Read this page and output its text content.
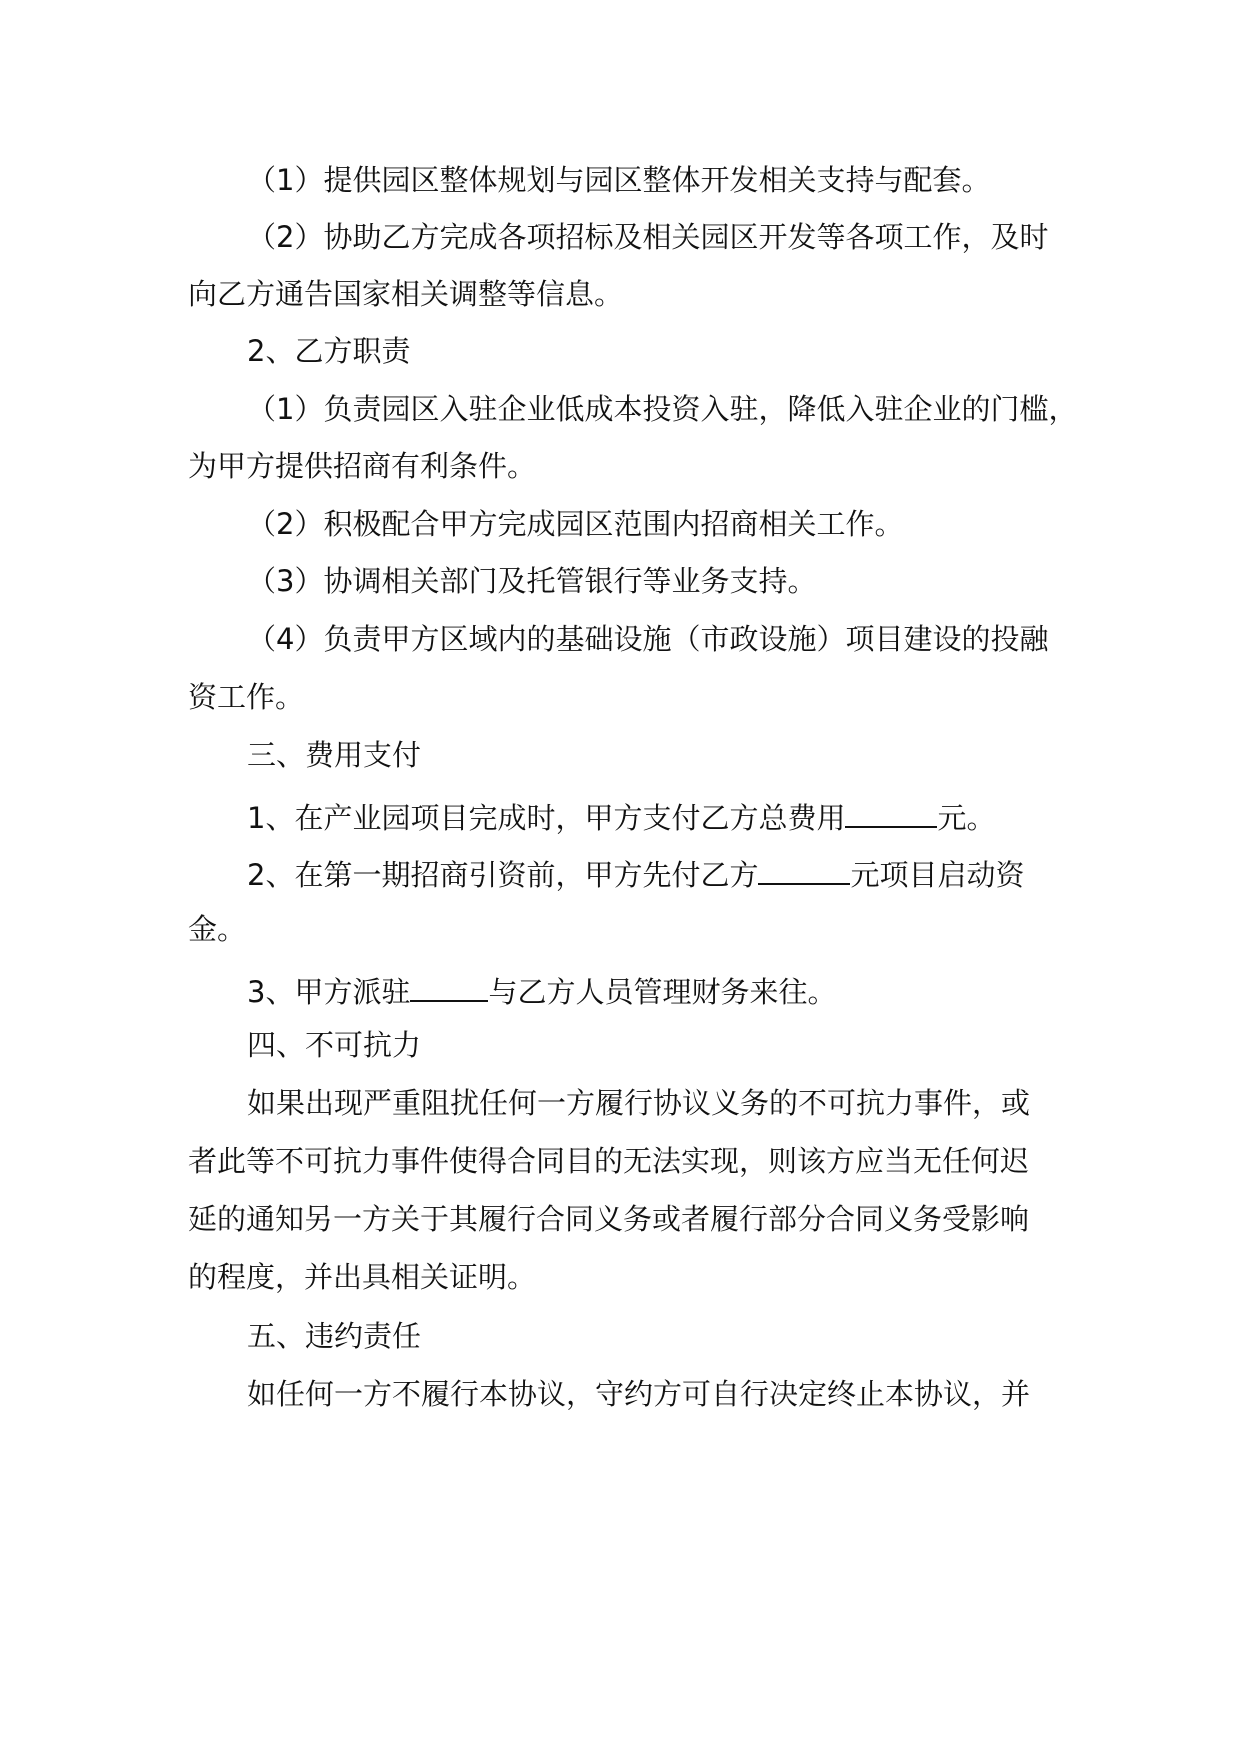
（1）提供园区整体规划与园区整体开发相关支持与配套。
（2）协助乙方完成各项招标及相关园区开发等各项工作，及时
向乙方通告国家相关调整等信息。
2、乙方职责
（1）负责园区入驻企业低成本投资入驻，降低入驻企业的门槛，
为甲方提供招商有利条件。
（2）积极配合甲方完成园区范围内招商相关工作。
（3）协调相关部门及托管银行等业务支持。
（4）负责甲方区域内的基础设施（市政设施）项目建设的投融
资工作。
三、费用支付
1、在产业园项目完成时，甲方支付乙方总费用	元。
2、在第一期招商引资前，甲方先付乙方	元项目启动资
金。
3、甲方派驻	与乙方人员管理财务来往。
四、不可抗力
如果出现严重阻扰任何一方履行协议义务的不可抗力事件，或
者此等不可抗力事件使得合同目的无法实现，则该方应当无任何迟
延的通知另一方关于其履行合同义务或者履行部分合同义务受影响
的程度，并出具相关证明。
五、违约责任
如任何一方不履行本协议，守约方可自行决定终止本协议，并
